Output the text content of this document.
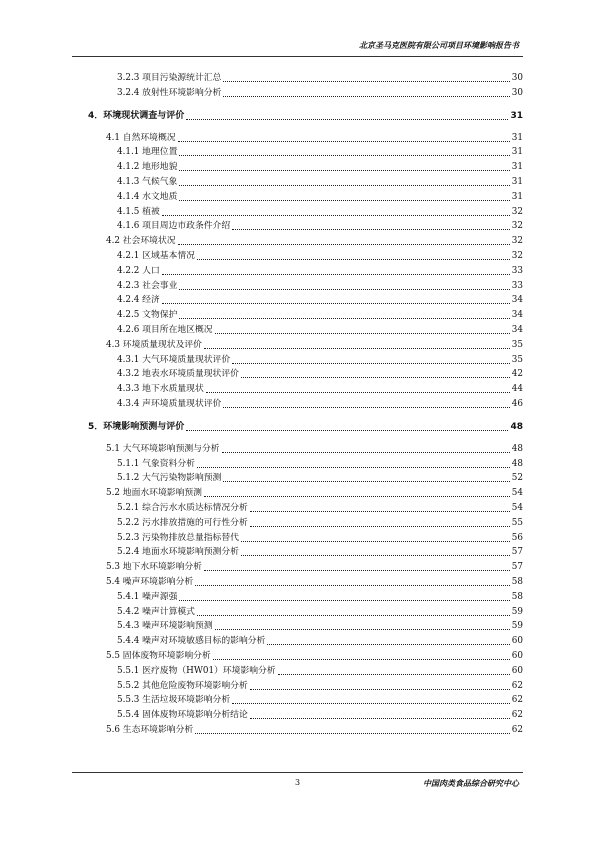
北京圣马克医院有限公司项目环境影响报告书
3.2.3 项目污染源统计汇总	30
3.2.4 放射性环境影响分析	30
4．环境现状调查与评价	31
4.1 自然环境概况	31
4.1.1 地理位置	31
4.1.2 地形地貌	31
4.1.3 气候气象	31
4.1.4 水文地质	31
4.1.5 植被	32
4.1.6 项目周边市政条件介绍	32
4.2 社会环境状况	32
4.2.1 区域基本情况	32
4.2.2 人口	33
4.2.3 社会事业	33
4.2.4 经济	34
4.2.5 文物保护	34
4.2.6 项目所在地区概况	34
4.3 环境质量现状及评价	35
4.3.1 大气环境质量现状评价	35
4.3.2 地表水环境质量现状评价	42
4.3.3 地下水质量现状	44
4.3.4 声环境质量现状评价	46
5．环境影响预测与评价	48
5.1 大气环境影响预测与分析	48
5.1.1 气象资料分析	48
5.1.2 大气污染物影响预测	52
5.2 地面水环境影响预测	54
5.2.1 综合污水水质达标情况分析	54
5.2.2 污水排放措施的可行性分析	55
5.2.3 污染物排放总量指标替代	56
5.2.4 地面水环境影响预测分析	57
5.3 地下水环境影响分析	57
5.4 噪声环境影响分析	58
5.4.1 噪声源强	58
5.4.2 噪声计算模式	59
5.4.3 噪声环境影响预测	59
5.4.4 噪声对环境敏感目标的影响分析	60
5.5 固体废物环境影响分析	60
5.5.1 医疗废物（HW01）环境影响分析	60
5.5.2 其他危险废物环境影响分析	62
5.5.3 生活垃圾环境影响分析	62
5.5.4 固体废物环境影响分析结论	62
5.6 生态环境影响分析	62
3	中国肉类食品综合研究中心
